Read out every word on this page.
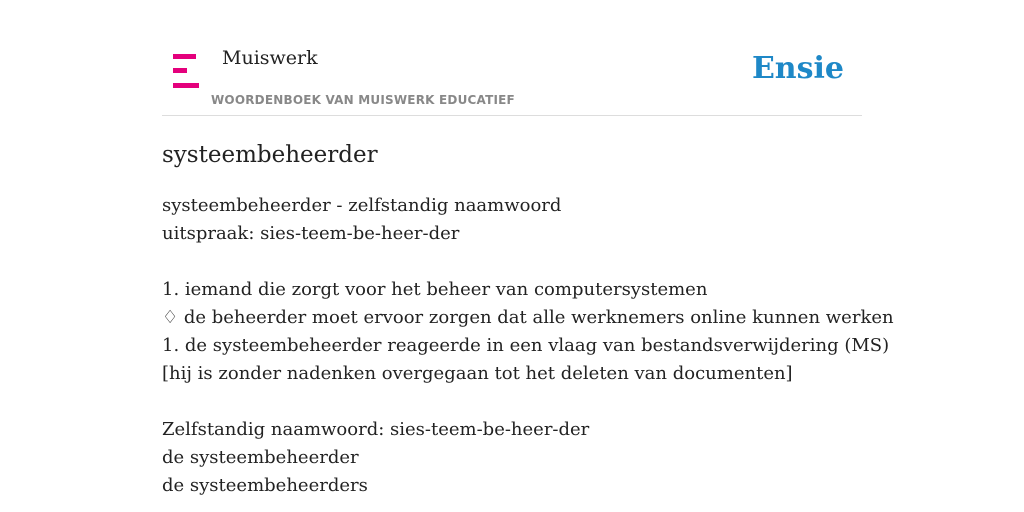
Muiswerk
WOORDENBOEK VAN MUISWERK EDUCATIEF
Ensie
systeembeheerder
systeembeheerder - zelfstandig naamwoord
uitspraak: sies-teem-be-heer-der
1. iemand die zorgt voor het beheer van computersystemen
♢ de beheerder moet ervoor zorgen dat alle werknemers online kunnen werken
1. de systeembeheerder reageerde in een vlaag van bestandsverwijdering (MS)
[hij is zonder nadenken overgegaan tot het deleten van documenten]
Zelfstandig naamwoord: sies-teem-be-heer-der
de systeembeheerder
de systeembeheerders
